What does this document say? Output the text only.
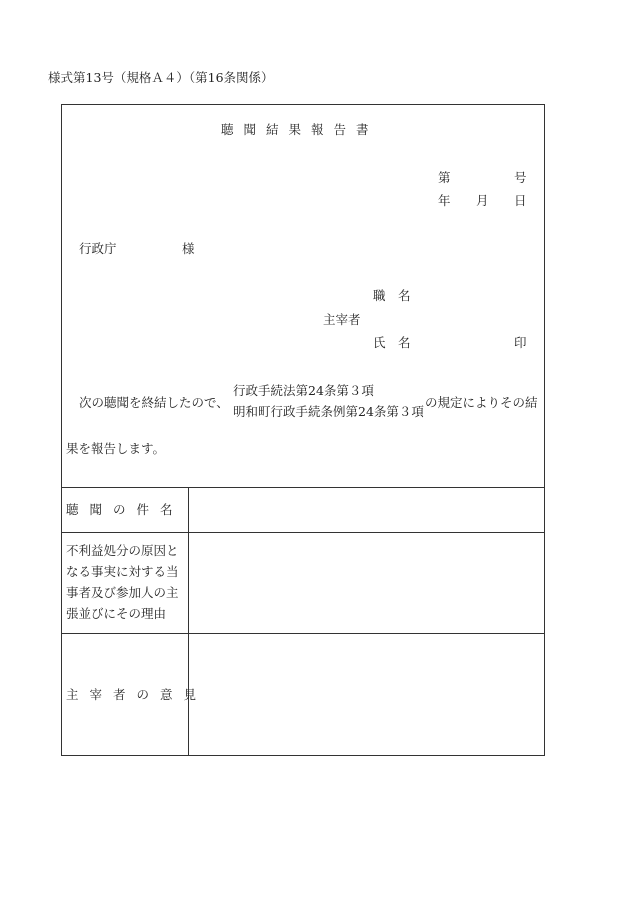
様式第13号（規格Ａ４）（第16条関係）
聴聞結果報告書
第	号
年 月 日
行政庁	様
職　名
主宰者
氏　名	印
次の聴聞を終結したので、
行政手続法第24条第３項
明和町行政手続条例第24条第３項
の規定によりその結
果を報告します。
聴聞の件名
不利益処分の原因となる事実に対する当事者及び参加人の主張並びにその理由
主宰者の意見
